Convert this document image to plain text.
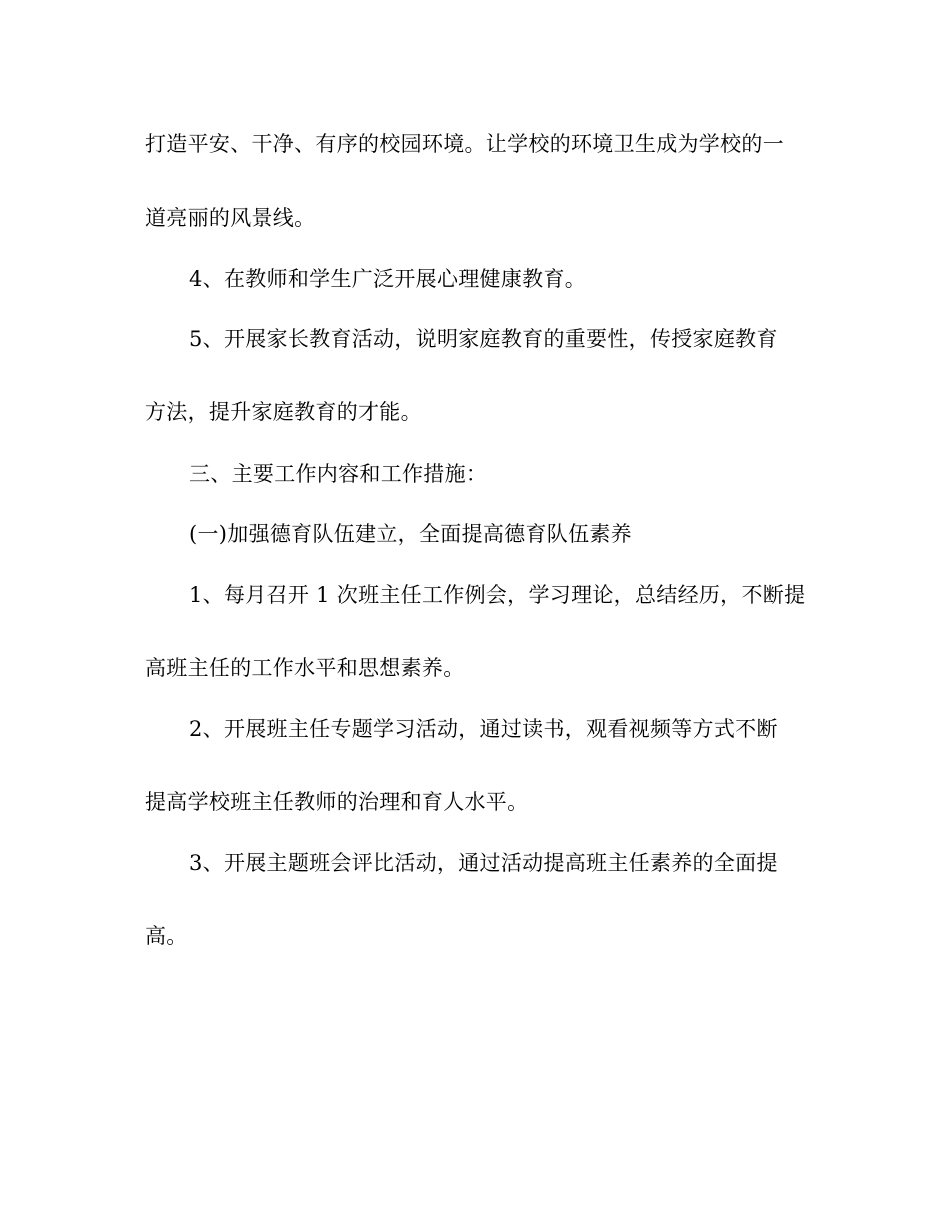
打造平安、干净、有序的校园环境。让学校的环境卫生成为学校的一
道亮丽的风景线。
4、在教师和学生广泛开展心理健康教育。
5、开展家长教育活动，说明家庭教育的重要性，传授家庭教育
方法，提升家庭教育的才能。
三、主要工作内容和工作措施：
(一)加强德育队伍建立，全面提高德育队伍素养
1、每月召开 1 次班主任工作例会，学习理论，总结经历，不断提
高班主任的工作水平和思想素养。
2、开展班主任专题学习活动，通过读书，观看视频等方式不断
提高学校班主任教师的治理和育人水平。
3、开展主题班会评比活动，通过活动提高班主任素养的全面提
高。
